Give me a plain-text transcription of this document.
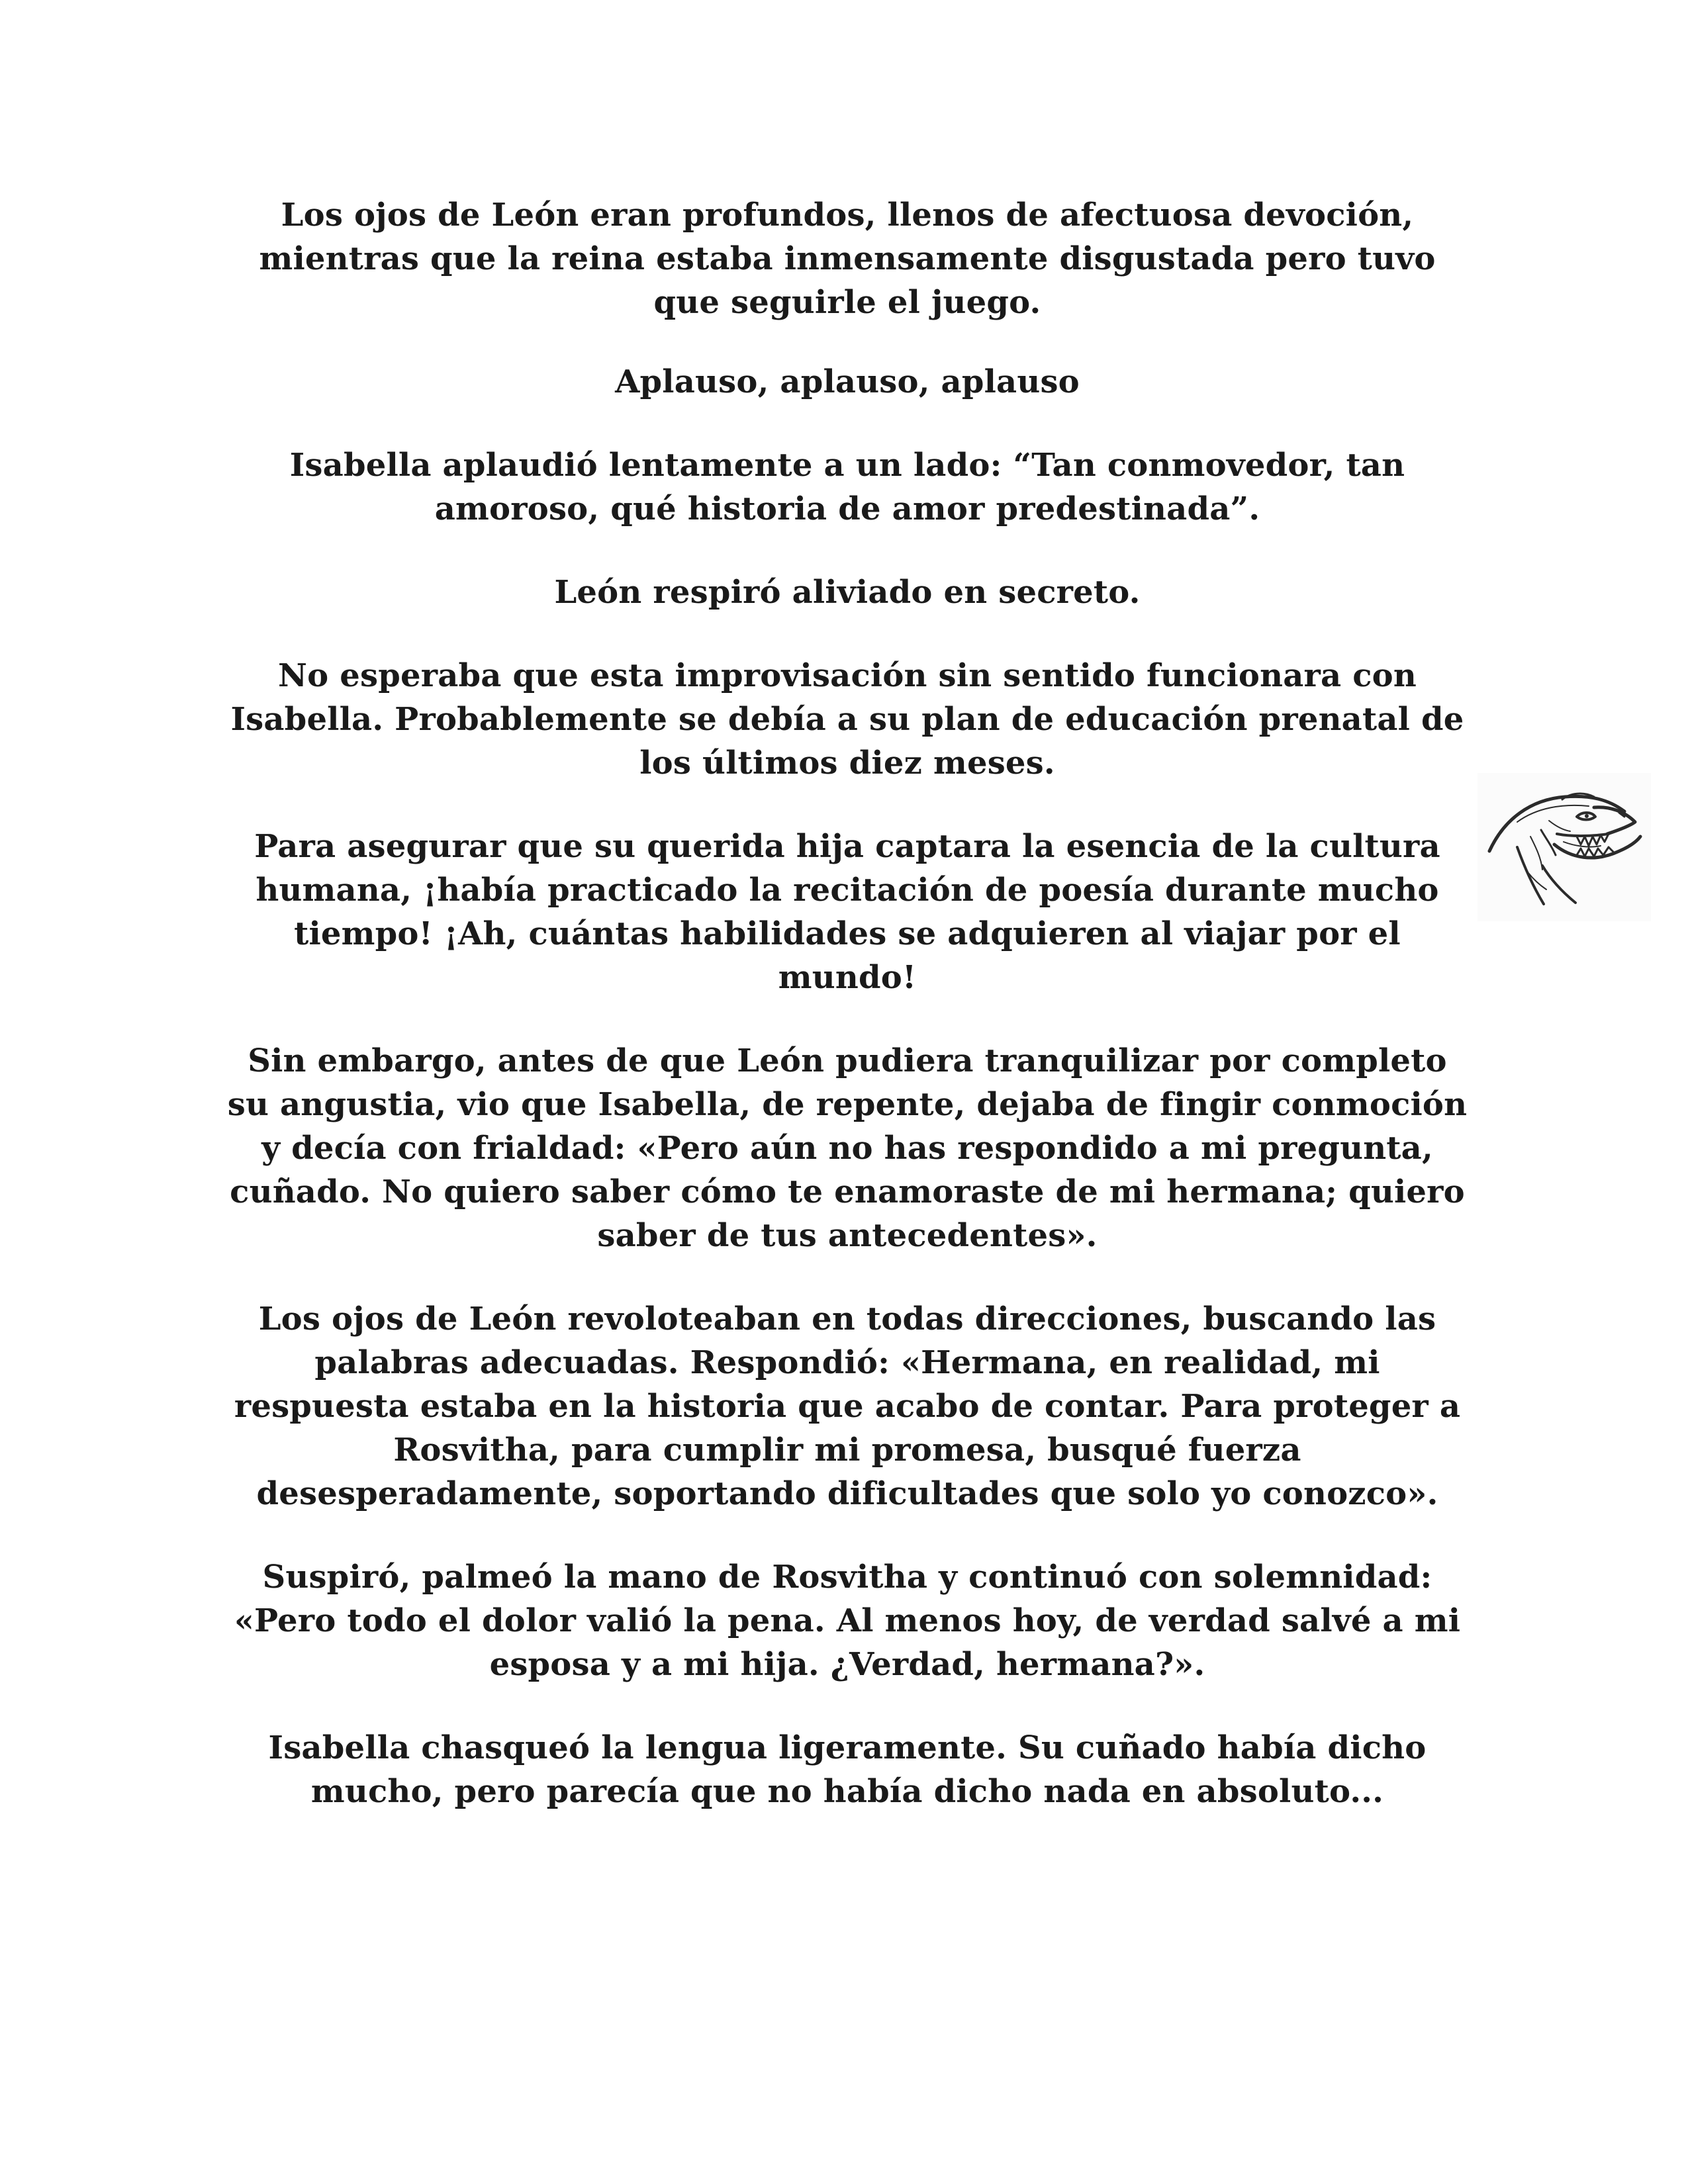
Los ojos de León eran profundos, llenos de afectuosa devoción, mientras que la reina estaba inmensamente disgustada pero tuvo que seguirle el juego.

Aplauso, aplauso, aplauso

Isabella aplaudió lentamente a un lado: “Tan conmovedor, tan amoroso, qué historia de amor predestinada”.

León respiró aliviado en secreto.

No esperaba que esta improvisación sin sentido funcionara con Isabella. Probablemente se debía a su plan de educación prenatal de los últimos diez meses.

Para asegurar que su querida hija captara la esencia de la cultura humana, ¡había practicado la recitación de poesía durante mucho tiempo! ¡Ah, cuántas habilidades se adquieren al viajar por el mundo!

Sin embargo, antes de que León pudiera tranquilizar por completo su angustia, vio que Isabella, de repente, dejaba de fingir conmoción y decía con frialdad: «Pero aún no has respondido a mi pregunta, cuñado. No quiero saber cómo te enamoraste de mi hermana; quiero saber de tus antecedentes».

Los ojos de León revoloteaban en todas direcciones, buscando las palabras adecuadas. Respondió: «Hermana, en realidad, mi respuesta estaba en la historia que acabo de contar. Para proteger a Rosvitha, para cumplir mi promesa, busqué fuerza desesperadamente, soportando dificultades que solo yo conozco».

Suspiró, palmeó la mano de Rosvitha y continuó con solemnidad: «Pero todo el dolor valió la pena. Al menos hoy, de verdad salvé a mi esposa y a mi hija. ¿Verdad, hermana?».

Isabella chasqueó la lengua ligeramente. Su cuñado había dicho mucho, pero parecía que no había dicho nada en absoluto...
